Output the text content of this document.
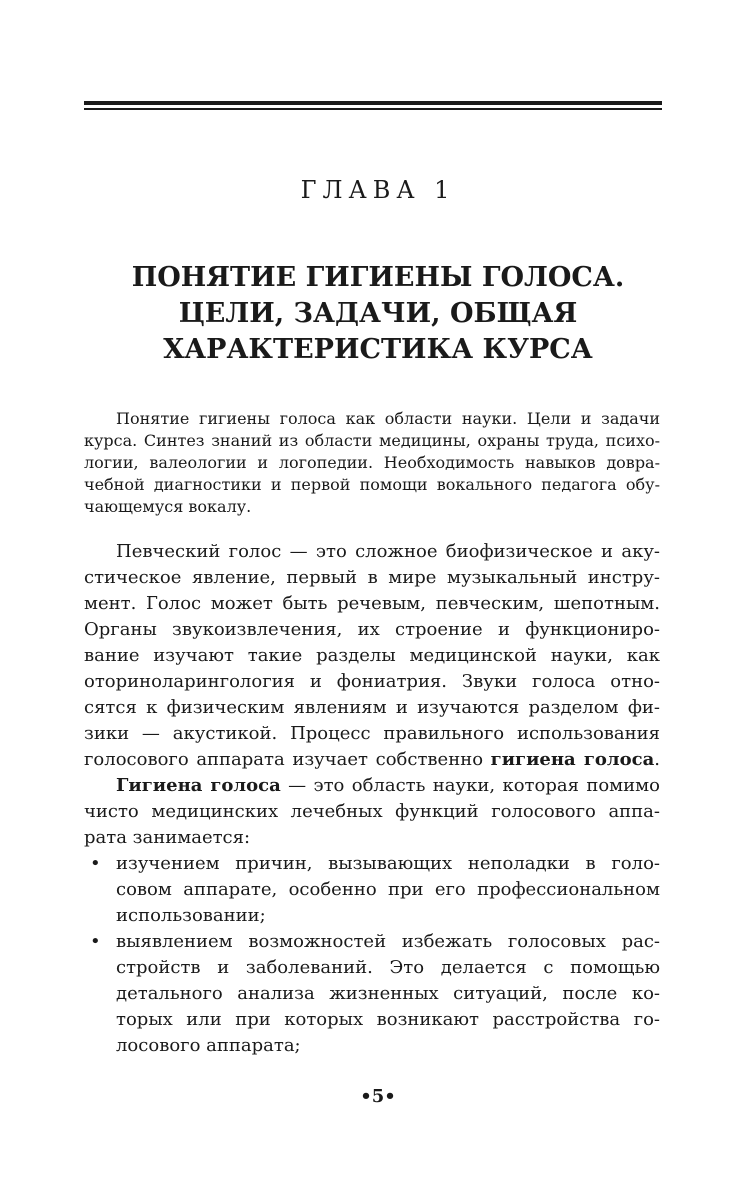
ГЛАВА 1
ПОНЯТИЕ ГИГИЕНЫ ГОЛОСА.
ЦЕЛИ, ЗАДАЧИ, ОБЩАЯ
ХАРАКТЕРИСТИКА КУРСА
Понятие гигиены голоса как области науки. Цели и задачи
курса. Синтез знаний из области медицины, охраны труда, психо-
логии, валеологии и логопедии. Необходимость навыков довра-
чебной диагностики и первой помощи вокального педагога обу-
чающемуся вокалу.
Певческий голос — это сложное биофизическое и аку-
стическое явление, первый в мире музыкальный инстру-
мент. Голос может быть речевым, певческим, шепотным.
Органы звукоизвлечения, их строение и функциониро-
вание изучают такие разделы медицинской науки, как
оториноларингология и фониатрия. Звуки голоса отно-
сятся к физическим явлениям и изучаются разделом фи-
зики — акустикой. Процесс правильного использования
голосового аппарата изучает собственно гигиена голоса.
Гигиена голоса — это область науки, которая помимо
чисто медицинских лечебных функций голосового аппа-
рата занимается:
• изучением причин, вызывающих неполадки в голо-
совом аппарате, особенно при его профессиональном
использовании;
• выявлением возможностей избежать голосовых рас-
стройств и заболеваний. Это делается с помощью
детального анализа жизненных ситуаций, после ко-
торых или при которых возникают расстройства го-
лосового аппарата;
•5•
